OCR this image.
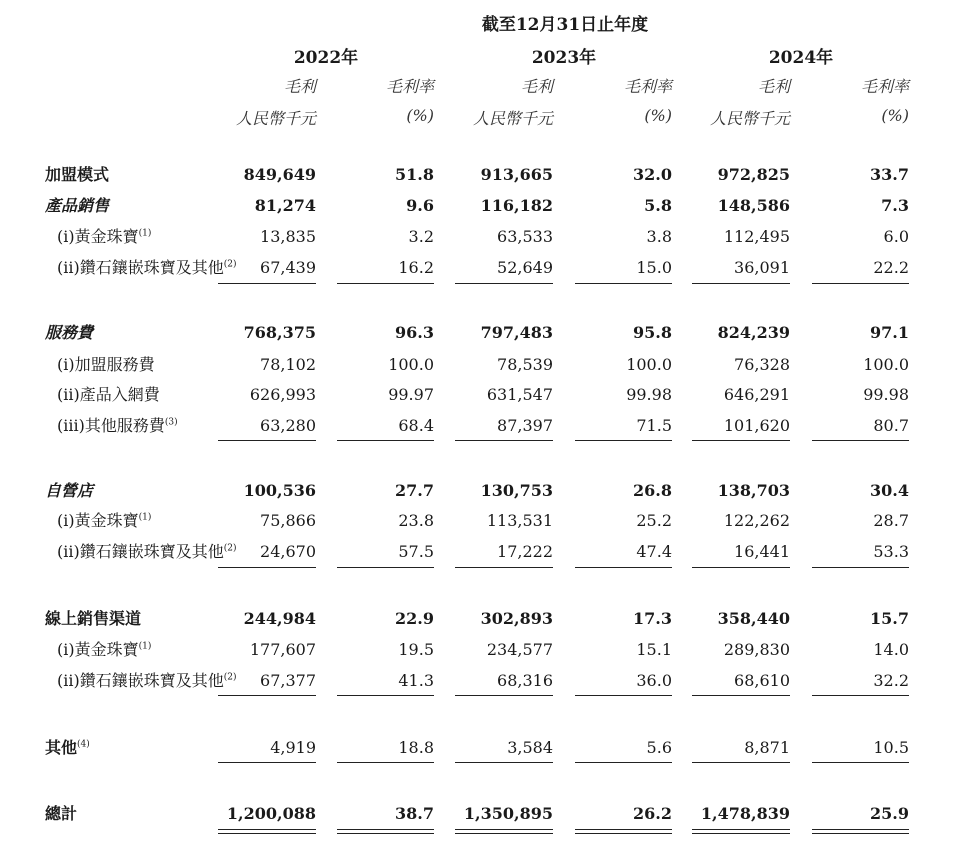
截至12月31日止年度
2022年	2023年	2024年
毛利	毛利率	毛利	毛利率	毛利	毛利率
人民幣千元	(%)	人民幣千元	(%)	人民幣千元	(%)
加盟模式	849,649	51.8	913,665	32.0	972,825	33.7
產品銷售	81,274	9.6	116,182	5.8	148,586	7.3
(i)黃金珠寶$^{(1)}$	13,835	3.2	63,533	3.8	112,495	6.0
(ii)鑽石鑲嵌珠寶及其他$^{(2)}$	67,439	16.2	52,649	15.0	36,091	22.2
服務費	768,375	96.3	797,483	95.8	824,239	97.1
(i)加盟服務費	78,102	100.0	78,539	100.0	76,328	100.0
(ii)產品入網費	626,993	99.97	631,547	99.98	646,291	99.98
(iii)其他服務費$^{(3)}$	63,280	68.4	87,397	71.5	101,620	80.7
自營店	100,536	27.7	130,753	26.8	138,703	30.4
(i)黃金珠寶$^{(1)}$	75,866	23.8	113,531	25.2	122,262	28.7
(ii)鑽石鑲嵌珠寶及其他$^{(2)}$	24,670	57.5	17,222	47.4	16,441	53.3
線上銷售渠道	244,984	22.9	302,893	17.3	358,440	15.7
(i)黃金珠寶$^{(1)}$	177,607	19.5	234,577	15.1	289,830	14.0
(ii)鑽石鑲嵌珠寶及其他$^{(2)}$	67,377	41.3	68,316	36.0	68,610	32.2
其他$^{(4)}$	4,919	18.8	3,584	5.6	8,871	10.5
總計	1,200,088	38.7	1,350,895	26.2	1,478,839	25.9
